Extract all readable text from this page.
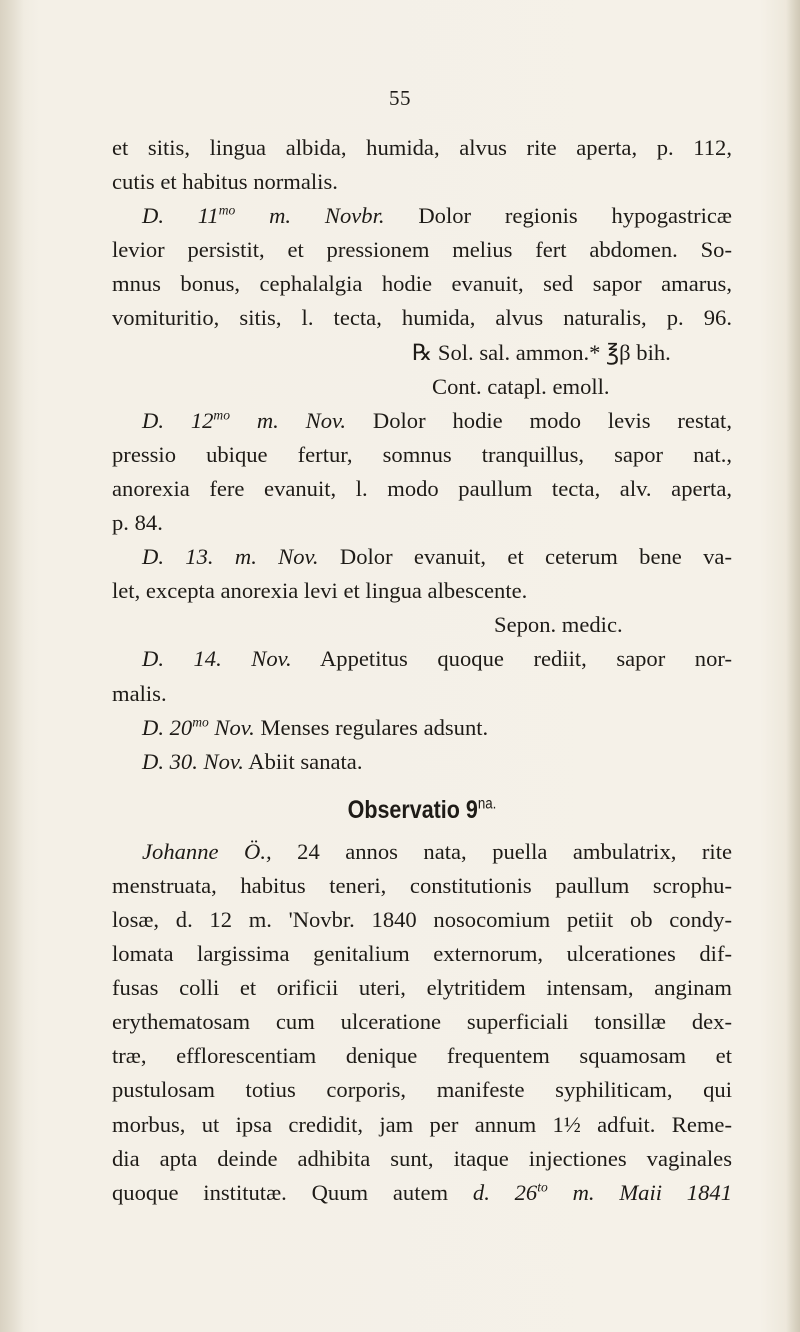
55
et sitis, lingua albida, humida, alvus rite aperta, p. 112,
cutis et habitus normalis.
D. $11^{mo}$ m. Novbr. Dolor regionis hypogastricæ
levior persistit, et pressionem melius fert abdomen. So-
mnus bonus, cephalalgia hodie evanuit, sed sapor amarus,
vomituritio, sitis, l. tecta, humida, alvus naturalis, p. 96.
℞ Sol. sal. ammon.* ℥β bih.
Cont. catapl. emoll.
D. $12^{mo}$ m. Nov. Dolor hodie modo levis restat,
pressio ubique fertur, somnus tranquillus, sapor nat.,
anorexia fere evanuit, l. modo paullum tecta, alv. aperta,
p. 84.
D. 13. m. Nov. Dolor evanuit, et ceterum bene va-
let, excepta anorexia levi et lingua albescente.
Sepon. medic.
D. 14. Nov. Appetitus quoque rediit, sapor nor-
malis.
D. $20^{mo}$ Nov. Menses regulares adsunt.
D. 30. Nov. Abiit sanata.
Observatio $9^{na.}$
Johanne Ö., 24 annos nata, puella ambulatrix, rite
menstruata, habitus teneri, constitutionis paullum scrophu-
losæ, d. 12 m. 'Novbr. 1840 nosocomium petiit ob condy-
lomata largissima genitalium externorum, ulcerationes dif-
fusas colli et orificii uteri, elytritidem intensam, anginam
erythematosam cum ulceratione superficiali tonsillæ dex-
træ, efflorescentiam denique frequentem squamosam et
pustulosam totius corporis, manifeste syphiliticam, qui
morbus, ut ipsa credidit, jam per annum 1½ adfuit. Reme-
dia apta deinde adhibita sunt, itaque injectiones vaginales
quoque institutæ. Quum autem d. $26^{to}$ m. Maii 1841
